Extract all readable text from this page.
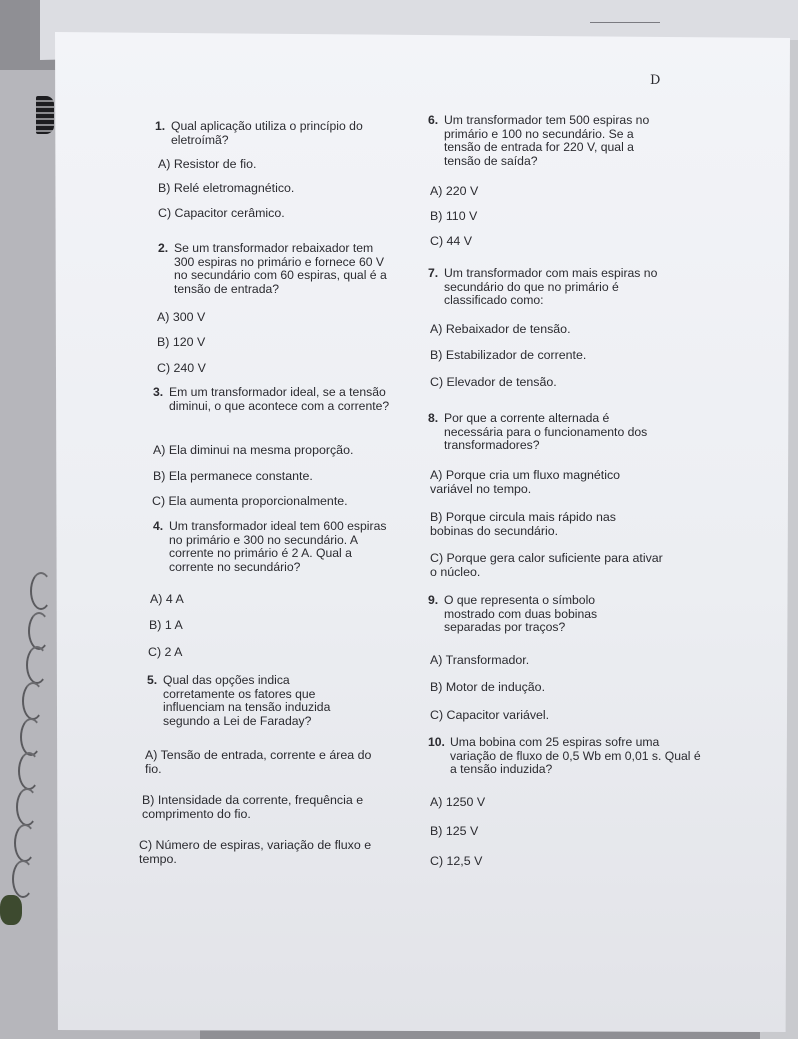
D
1. Qual aplicação utiliza o princípio do eletroímã?
A) Resistor de fio.
B) Relé eletromagnético.
C) Capacitor cerâmico.
2. Se um transformador rebaixador tem 300 espiras no primário e fornece 60 V no secundário com 60 espiras, qual é a tensão de entrada?
A) 300 V
B) 120 V
C) 240 V
3. Em um transformador ideal, se a tensão diminui, o que acontece com a corrente?
A) Ela diminui na mesma proporção.
B) Ela permanece constante.
C) Ela aumenta proporcionalmente.
4. Um transformador ideal tem 600 espiras no primário e 300 no secundário. A corrente no primário é 2 A. Qual a corrente no secundário?
A) 4 A
B) 1 A
C) 2 A
5. Qual das opções indica corretamente os fatores que influenciam na tensão induzida segundo a Lei de Faraday?
A) Tensão de entrada, corrente e área do fio.
B) Intensidade da corrente, frequência e comprimento do fio.
C) Número de espiras, variação de fluxo e tempo.
6. Um transformador tem 500 espiras no primário e 100 no secundário. Se a tensão de entrada for 220 V, qual a tensão de saída?
A) 220 V
B) 110 V
C) 44 V
7. Um transformador com mais espiras no secundário do que no primário é classificado como:
A) Rebaixador de tensão.
B) Estabilizador de corrente.
C) Elevador de tensão.
8. Por que a corrente alternada é necessária para o funcionamento dos transformadores?
A) Porque cria um fluxo magnético variável no tempo.
B) Porque circula mais rápido nas bobinas do secundário.
C) Porque gera calor suficiente para ativar o núcleo.
9. O que representa o símbolo mostrado com duas bobinas separadas por traços?
A) Transformador.
B) Motor de indução.
C) Capacitor variável.
10. Uma bobina com 25 espiras sofre uma variação de fluxo de 0,5 Wb em 0,01 s. Qual é a tensão induzida?
A) 1250 V
B) 125 V
C) 12,5 V
